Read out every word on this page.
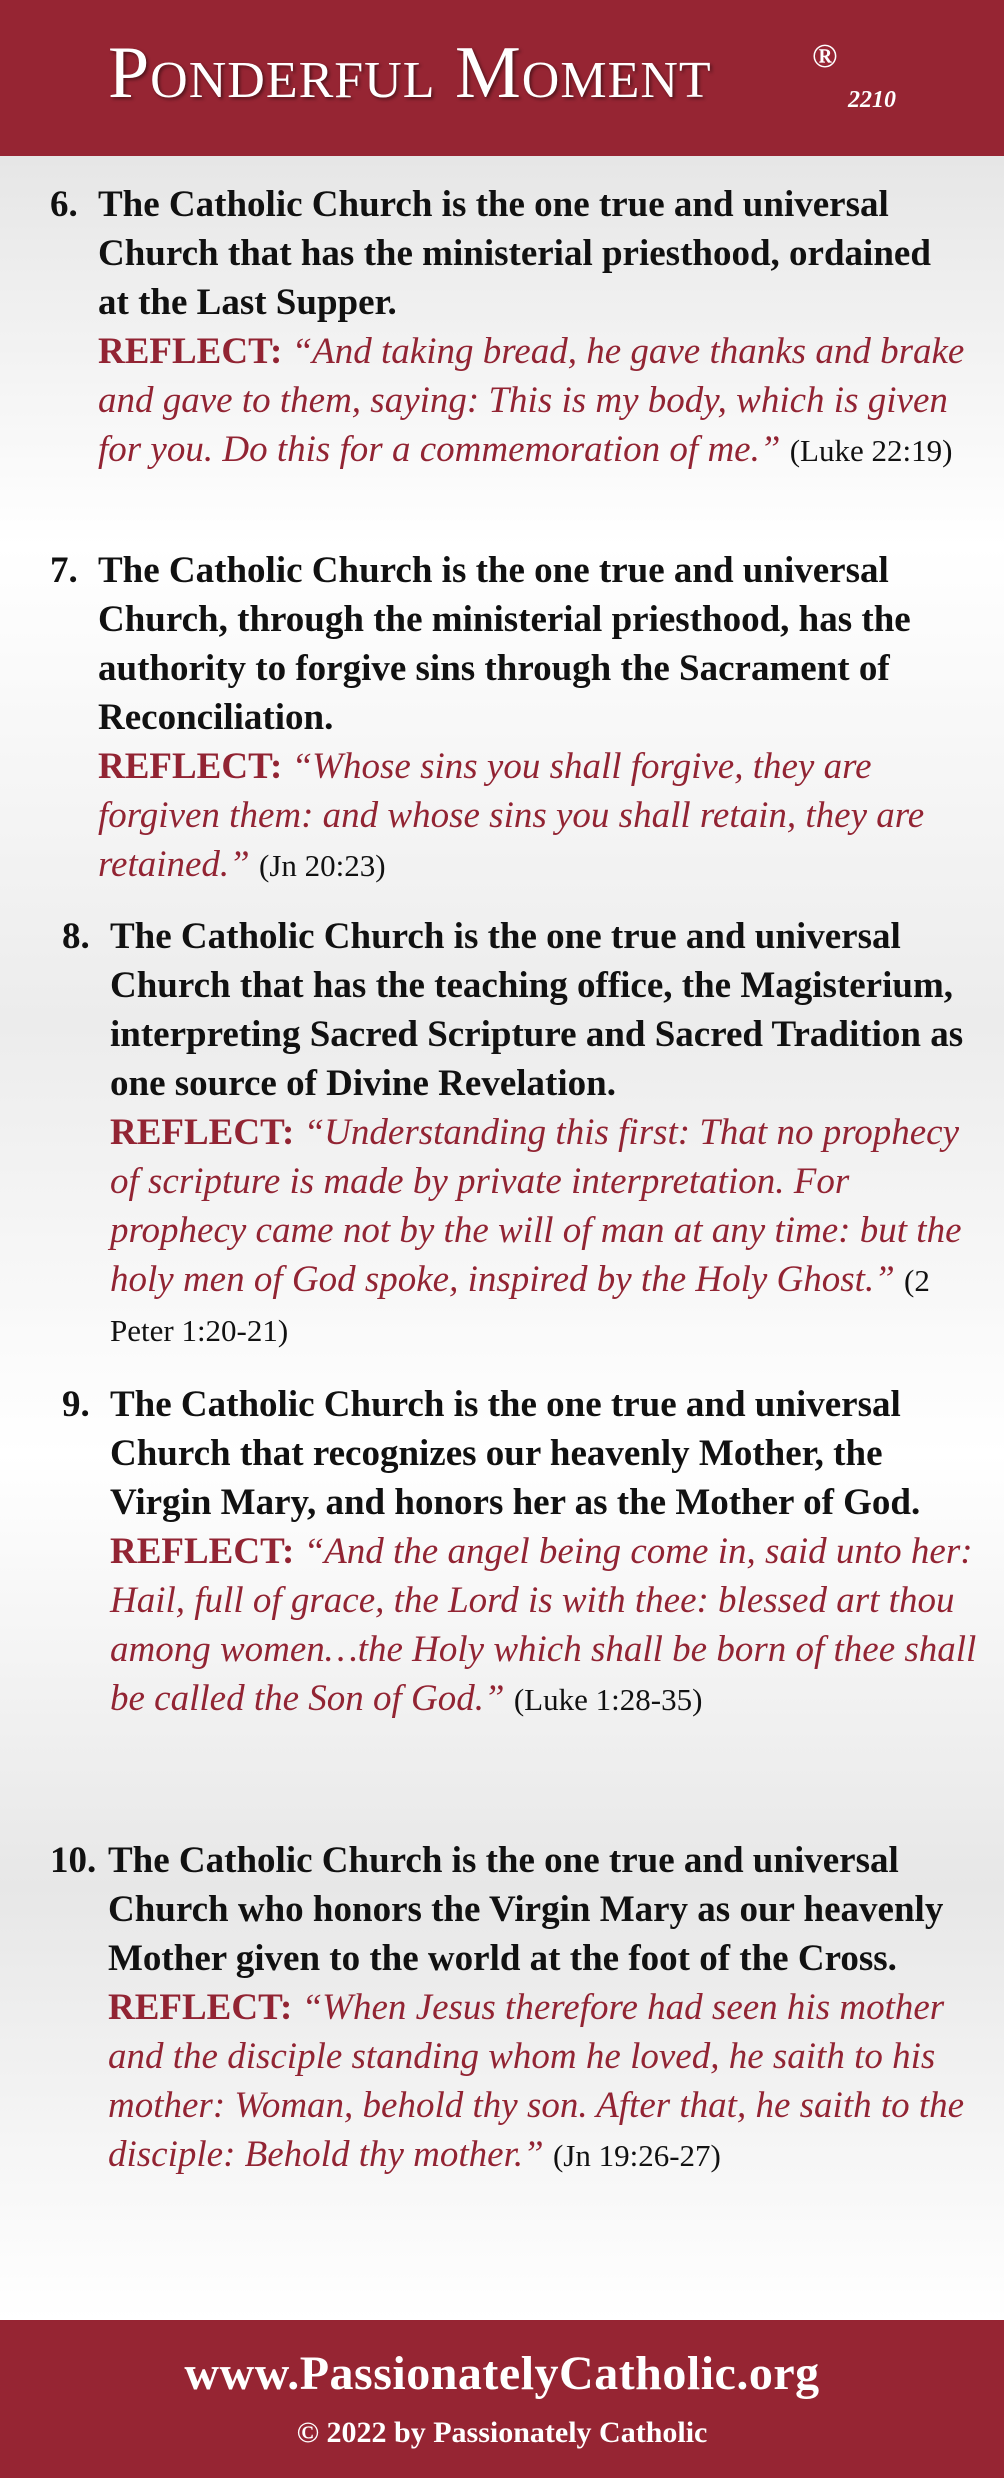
Ponderful Moment	®
2210
6. The Catholic Church is the one true and universal Church that has the ministerial priesthood, ordained at the Last Supper.
REFLECT: “And taking bread, he gave thanks and brake and gave to them, saying: This is my body, which is given for you. Do this for a commemoration of me.” (Luke 22:19)
7. The Catholic Church is the one true and universal Church, through the ministerial priesthood, has the authority to forgive sins through the Sacrament of Reconciliation.
REFLECT: “Whose sins you shall forgive, they are forgiven them: and whose sins you shall retain, they are retained.” (Jn 20:23)
8. The Catholic Church is the one true and universal Church that has the teaching office, the Magisterium, interpreting Sacred Scripture and Sacred Tradition as one source of Divine Revelation.
REFLECT: “Understanding this first: That no prophecy of scripture is made by private interpretation. For prophecy came not by the will of man at any time: but the holy men of God spoke, inspired by the Holy Ghost.” (2 Peter 1:20-21)
9. The Catholic Church is the one true and universal Church that recognizes our heavenly Mother, the Virgin Mary, and honors her as the Mother of God.
REFLECT: “And the angel being come in, said unto her: Hail, full of grace, the Lord is with thee: blessed art thou among women…the Holy which shall be born of thee shall be called the Son of God.” (Luke 1:28-35)
10. The Catholic Church is the one true and universal Church who honors the Virgin Mary as our heavenly Mother given to the world at the foot of the Cross.
REFLECT: “When Jesus therefore had seen his mother and the disciple standing whom he loved, he saith to his mother: Woman, behold thy son. After that, he saith to the disciple: Behold thy mother.” (Jn 19:26-27)
www.PassionatelyCatholic.org
© 2022 by Passionately Catholic
